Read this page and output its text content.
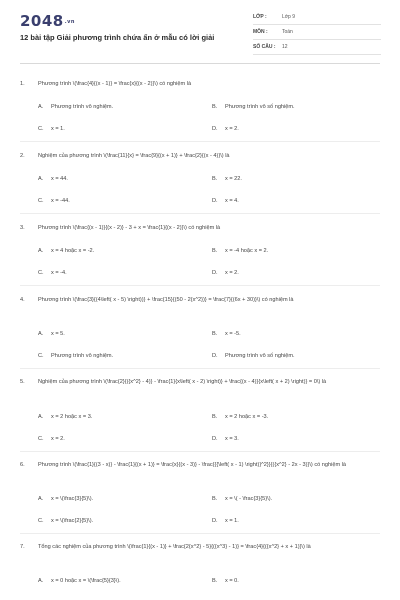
2048.vn
12 bài tập Giải phương trình chứa ẩn ở mẫu có lời giải
LỚP :	Lớp 9
MÔN :	Toán
SỐ CÂU :	12
1.	Phương trình \(\frac{4}{(x - 1)} = \frac{x}{(x - 2)}\) có nghiệm là
A.	Phương trình vô nghiệm.	B.	Phương trình vô số nghiệm.
C.	x = 1.	D.	x = 2.
2.	Nghiệm của phương trình \(\frac{11}{x} = \frac{9}{(x + 1)} + \frac{2}{(x - 4)}\) là
A.	x = 44.	B.	x = 22.
C.	x = -44.	D.	x = 4.
3.	Phương trình \(\frac{(x - 1)}{(x - 2)} - 3 + x = \frac{1}{(x - 2)}\) có nghiệm là
A.	x = 4 hoặc x = -2.	B.	x = -4 hoặc x = 2.
C.	x = -4.	D.	x = 2.
4.	Phương trình \(\frac{3}{(4\left( x - 5) \right))} + \frac{15}{(50 - 2{x^2})} = \frac{7}{(6x + 30)}\) có nghiệm là
A.	x = 5.	B.	x = -5.
C.	Phương trình vô nghiệm.	D.	Phương trình vô số nghiệm.
5.	Nghiệm của phương trình \(\frac{2}{({x^2} - 4)} - \frac{1}{x\left( x - 2) \right)} + \frac{(x - 4)}{x\left( x + 2) \right)} = 0\) là
A.	x = 2 hoặc x = 3.	B.	x = 2 hoặc x = -3.
C.	x = 2.	D.	x = 3.
6.	Phương trình \(\frac{1}{(3 - x)} - \frac{1}{(x + 1)} = \frac{x}{(x - 3)} - \frac{{{\left( x - 1) \right)}^2}}{({x^2} - 2x - 3)}\) có nghiệm là
A.	x = \(\frac{3}{5}\).	B.	x = \( - \frac{3}{5}\).
C.	x = \(\frac{2}{5}\).	D.	x = 1.
7.	Tổng các nghiệm của phương trình \(\frac{1}{(x - 1)} + \frac{2{x^2} - 5}{({x^3} - 1)} = \frac{4}{({x^2} + x + 1)}\) là
A.	x = 0 hoặc x = \(\frac{5}{3}\).	B.	x = 0.
